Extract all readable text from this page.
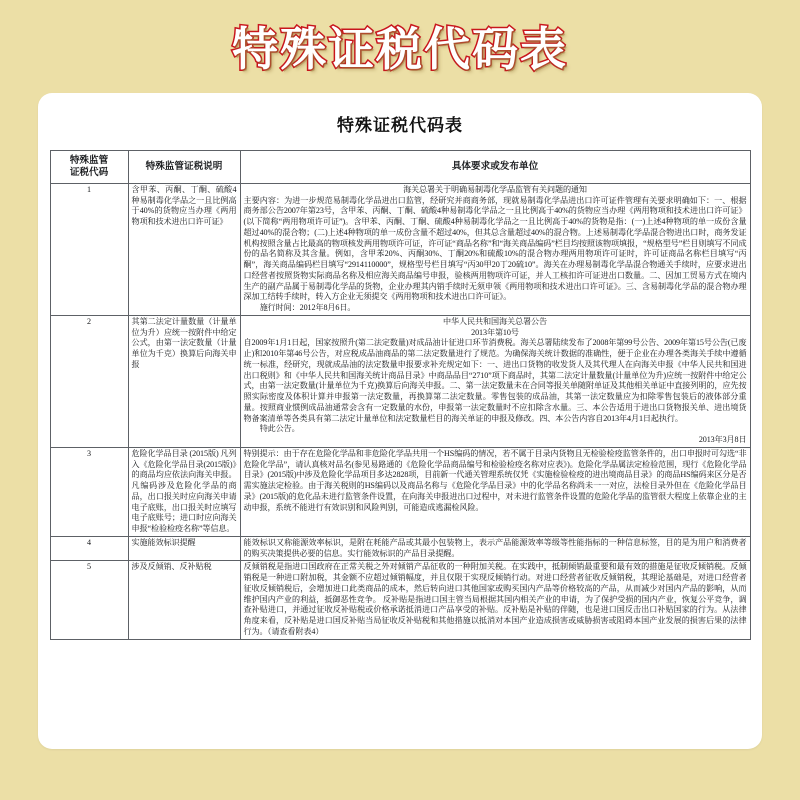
特殊证税代码表
特殊证税代码表
特殊监管
证税代码	特殊监管证税说明	具体要求或发布单位
1	含甲苯、丙酮、丁酮、硫酸4种易制毒化学品之一且比例高于40%的货物应当办理《两用物项和技术进出口许可证》	海关总署关于明确易制毒化学品监管有关问题的通知
主要内容：为进一步规范易制毒化学品进出口监管，经研究并商商务部，现就易制毒化学品进出口许可证件管理有关要求明确如下：一、根据商务部公告2007年第23号，含甲苯、丙酮、丁酮、硫酸4种易制毒化学品之一且比例高于40%的货物应当办理《两用物项和技术进出口许可证》(以下简称“两用物项许可证”)。含甲苯、丙酮、丁酮、硫酸4种易制毒化学品之一且比例高于40%的货物是指：(一)上述4种物项的单一成份含量超过40%的混合物；(二)上述4种物项的单一成份含量不超过40%，但其总含量超过40%的混合物。上述易制毒化学品混合物进出口时，商务发证机构按照含量占比最高的物项核发两用物项许可证，许可证“商品名称”和“海关商品编码”栏目均按照该物项填报，“规格型号”栏目则填写不同成份的品名简称及其含量。例如，含甲苯20%、丙酮30%、丁酮20%和硫酸10%的混合物办理两用物项许可证时，许可证商品名称栏目填写“丙酮”，海关商品编码栏目填写“2914110000”，规格型号栏目填写“丙30甲20丁20硫10”。海关在办理易制毒化学品混合物通关手续时，应要求进出口经营者按照货物实际商品名称及相应海关商品编号申报，验核两用物项许可证，并人工核扣许可证进出口数量。二、因加工贸易方式在境内生产的副产品属于易制毒化学品的货物，企业办理其内销手续时无须申领《两用物项和技术进出口许可证》。三、含易制毒化学品的混合物办理深加工结转手续时，转入方企业无须提交《两用物项和技术进出口许可证》。
施行时间：2012年8月6日。

2	其第二法定计量数量（计量单位为升）应统一按附件中给定公式，由第一法定数量（计量单位为千克）换算后向海关申报	中华人民共和国海关总署公告
2013年第10号
自2009年1月1日起，国家按照升(第二法定数量)对成品油计征进口环节消费税。海关总署陆续发布了2008年第99号公告、2009年第15号公告(已废止)和2010年第46号公告，对应税成品油商品的第二法定数量进行了规范。为确保海关统计数据的准确性，便于企业在办理各类海关手续中遵循统一标准，经研究，现就成品油的法定数量申报要求补充规定如下：一、进出口货物的收发货人及其代理人在向海关申报《中华人民共和国进出口税则》和《中华人民共和国海关统计商品目录》中商品品目“2710”项下商品时，其第二法定计量数量(计量单位为升)应统一按附件中给定公式，由第一法定数量(计量单位为千克)换算后向海关申报。二、第一法定数量未在合同等报关单随附单证及其他相关单证中直接列明的，应先按照实际密度及体积计算并申报第一法定数量，再换算第二法定数量。零售包装的成品油，其第一法定数量应为扣除零售包装后的液体部分重量。按照商业惯例成品油通常会含有一定数量的水份，申报第一法定数量时不应扣除含水量。三、本公告适用于进出口货物报关单、进出境货物备案清单等各类具有第二法定计量单位和法定数量栏目的海关单证的申报及修改。四、本公告内容自2013年4月1日起执行。
特此公告。
2013年3月8日

3	危险化学品目录 (2015版) 凡列入《危险化学品目录(2015版)》的商品均应依法向海关申报。凡编码涉及危险化学品的商品，出口报关时应向海关申请电子底账，出口报关时应填写电子底账号；进口时应向海关申报“检验检疫名称”等信息。	特别提示：由于存在危险化学品和非危险化学品共用一个HS编码的情况，若不属于目录内货物且无检验检疫监管条件的，出口申报时可勾选“非危险化学品”，请认真核对品名(参见易路通的《危险化学品商品编号和检验检疫名称对应表》)。危险化学品属法定检验范围，现行《危险化学品目录》(2015版)中涉及危险化学品项目多达2828项，目前新一代通关管理系统仅凭《实施检验检疫的进出境商品目录》的商品HS编码来区分是否需实施法定检验。由于海关税则的HS编码以及商品名称与《危险化学品目录》中的化学品名称尚未一一对应，法检目录外但在《危险化学品目录》(2015版)的危化品未进行监管条件设置，在向海关申报进出口过程中，对未进行监管条件设置的危险化学品的监管很大程度上依靠企业的主动申报，系统不能进行有效识别和风险判别，可能造成逃漏检风险。
4	实施能效标识提醒	能效标识又称能源效率标识，是附在耗能产品或其最小包装物上，表示产品能源效率等级等性能指标的一种信息标签，目的是为用户和消费者的购买决策提供必要的信息。实行能效标识的产品目录提醒。
5	涉及反倾销、反补贴税	反倾销税是指进口国政府在正常关税之外对倾销产品征收的一种附加关税。在实践中，抵制倾销最重要和最有效的措施是征收反倾销税。反倾销税是一种进口附加税，其金额不应超过倾销幅度，并且仅限于实现反倾销行动。对进口经营者征收反倾销税，其理论基础是，对进口经营者征收反倾销税后，会增加进口此类商品的成本，然后转向进口其他国家或购买国内产品等价格较高的产品，从而减少对国内产品的影响，从而维护国内产业的利益，抵御恶性竞争。 反补贴是指进口国主管当局根据其国内相关产业的申请，为了保护受损的国内产业，恢复公平竞争，调查补贴进口，并通过征收反补贴税或价格承诺抵消进口产品享受的补贴。反补贴是补贴的伴随，也是进口国反击出口补贴国家的行为。从法律角度来看，反补贴是进口国反补贴当局征收反补贴税和其他措施以抵消对本国产业造成损害或威胁损害或阻碍本国产业发展的损害后果的法律行为。（请查看附表4）
